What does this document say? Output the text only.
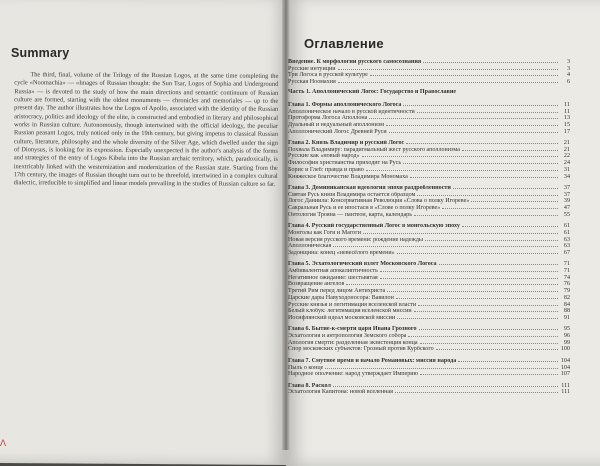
Summary
The third, final, volume of the Trilogy of the Russian Logos, at the same time completing the cycle «Noomachia» — «Images of Russian thought: the Sun Tsar, Logos of Sophia and Underground Russia» — is devoted to the study of how the main directions and semantic continuum of Russian culture are formed, starting with the oldest monuments — chronicles and memoriales — up to the present day. The author illustrates how the Logos of Apollo, associated with the identity of the Russian aristocracy, politics and ideology of the elite, is constructed and embodied in literary and philosophical works in Russian culture. Autonomously, though intertwined with the official ideology, the peculiar Russian peasant Logos, truly noticed only in the 19th century, but giving impetus to classical Russian culture, literature, philosophy and the whole diversity of the Silver Age, which dwelled under the sign of Dionysus, is looking for its expression. Especially unexpected is the author's analysis of the forms and strategies of the entry of Logos Kibela into the Russian archaic territory, which, paradoxically, is inextricably linked with the westernization and modernization of the Russian state. Starting from the 17th century, the images of Russian thought turn out to be threefold, intertwined in a complex cultural dialectic, irreducible to simplified and linear models prevailing in the studies of Russian culture so far.
Оглавление
Введение. К морфологии русского самосознания	3
Русские интуиции	3
Три Логоса в русской культуре	4
Русская Ноомахия	6
Часть 1. Аполлонический Логос: Государство и Православие
Глава 1. Формы аполлонического Логоса	11
Аполлоническое начало в русской идентичности	11
Протоформа Логоса Аполлона	13
Дуальный и недуальный аполлонизм	15
Аполлонический Логос Древней Руси	17
Глава 2. Князь Владимир и русский Логос	21
Похвала Владимиру: парадигмальный жест русского аполлонизма	21
Русские как «новый народ»	22
Философия христианства приходит на Русь	24
Борис и Глеб: правда и право	31
Княжеское благочестие Владимира Мономаха	34
Глава 3. Доминиканская идеология эпохи раздробленности	37
Святая Русь князя Владимира остается образцом	37
Логос Даниила: Консервативная Революция «Слова о полку Игореве»	39
Сакральная Русь и ее ипостаси в «Слове о полку Игореве»	47
Онтология Трояна — пантеон, карта, календарь	55
Глава 4. Русский государственный Логос в монгольскую эпоху	61
Монголы как Гоги и Магоги	61
Новая версия русского времени: рождение надежды	63
Аполлоническая	63
Задонщина: конец «невесёлого времени»	67
Глава 5. Эсхатологический взлет Московского Логоса	71
Амбивалентная апокалиптичность	71
Негативное ожидание: шестьвятая	74
Возвращение ангелов	76
Третий Рим перед лицом Антихриста	79
Царские дары Навуходоносора: Вавилон	82
Русские князья и легитимация вселенской власти	84
Белый клобук: легитимация вселенской миссии	88
Иосифлянский идеал московской миссии	91
Глава 6. Бытие-к-смерти царя Ивана Грозного	95
Эсхатология и антропология Земского собора	96
Апология смерти: разделенная экзистенция конца	99
Спор московских субъектов: Грозный против Курбского	100
Глава 7. Смутное время и начало Романовых: миссия народа	104
Пыль о конце	104
Народное ополчение: народ утверждает Империю	107
Глава 8. Раскол	111
Эсхатология Капитона: новой вселенная	111
Λ
